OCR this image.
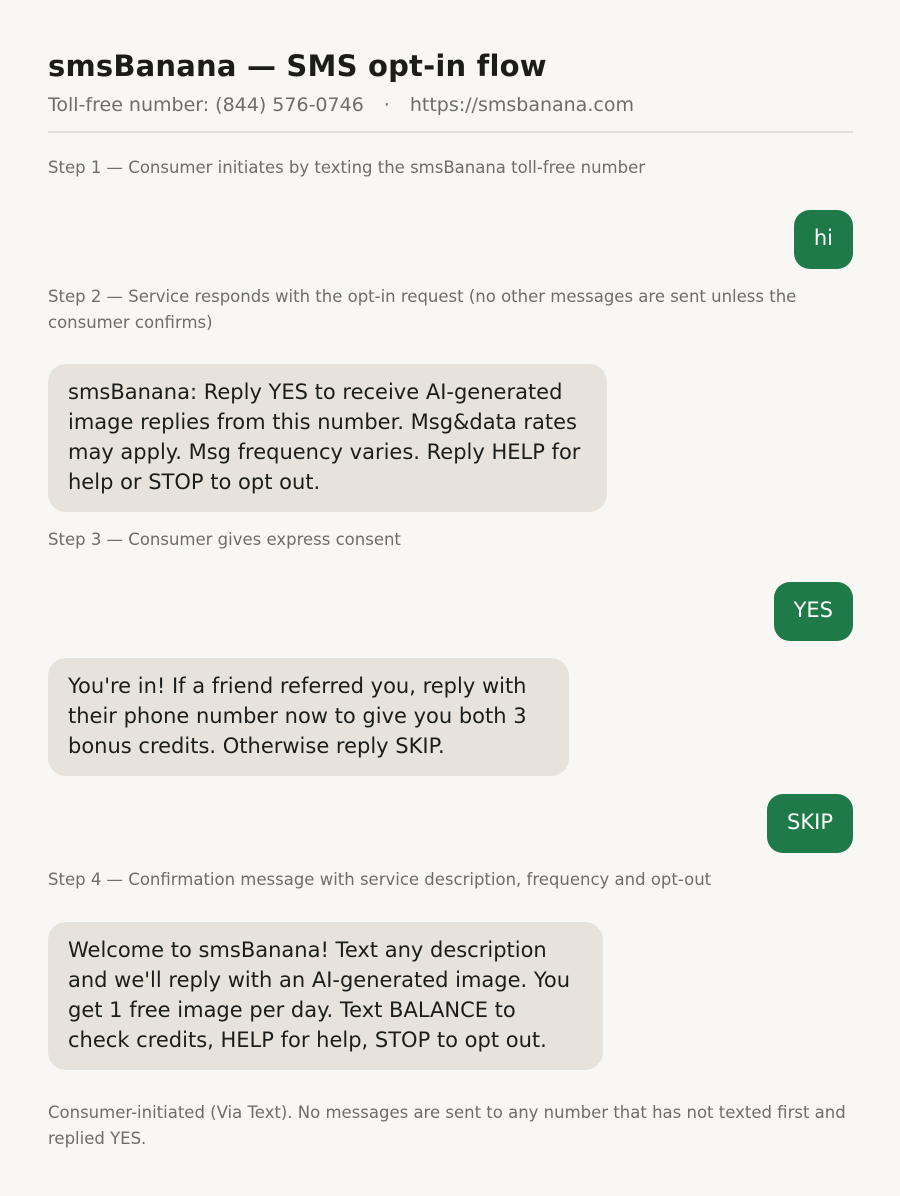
smsBanana — SMS opt-in flow
Toll-free number: (844) 576-0746 · https://smsbanana.com
Step 1 — Consumer initiates by texting the smsBanana toll-free number
hi
Step 2 — Service responds with the opt-in request (no other messages are sent unless the consumer confirms)
smsBanana: Reply YES to receive AI-generated image replies from this number. Msg&data rates may apply. Msg frequency varies. Reply HELP for help or STOP to opt out.
Step 3 — Consumer gives express consent
YES
You're in! If a friend referred you, reply with their phone number now to give you both 3 bonus credits. Otherwise reply SKIP.
SKIP
Step 4 — Confirmation message with service description, frequency and opt-out
Welcome to smsBanana! Text any description and we'll reply with an AI-generated image. You get 1 free image per day. Text BALANCE to check credits, HELP for help, STOP to opt out.
Consumer-initiated (Via Text). No messages are sent to any number that has not texted first and replied YES.
